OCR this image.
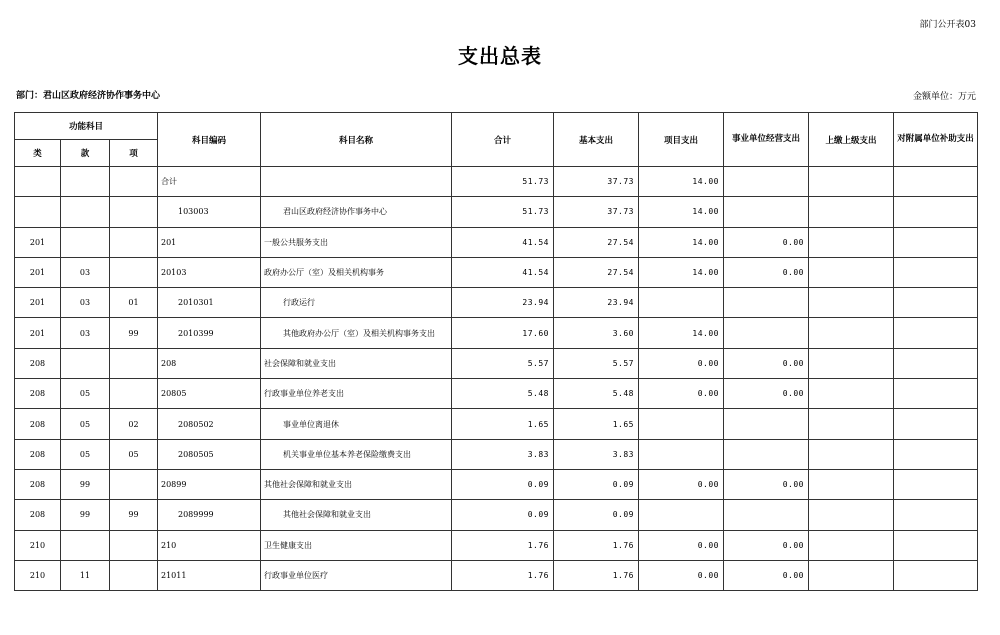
部门公开表03
支出总表
部门：君山区政府经济协作事务中心	金额单位：万元
功能科目			科目编码	科目名称	合计	基本支出	项目支出	事业单位经营支出	上缴上级支出	对附属单位补助支出
类	款	项								
			合计		51.73	37.73	14.00			
			103003	君山区政府经济协作事务中心	51.73	37.73	14.00			
201			201	一般公共服务支出	41.54	27.54	14.00	0.00		
201	03		20103	政府办公厅（室）及相关机构事务	41.54	27.54	14.00	0.00		
201	03	01	2010301	行政运行	23.94	23.94				
201	03	99	2010399	其他政府办公厅（室）及相关机构事务支出	17.60	3.60	14.00			
208			208	社会保障和就业支出	5.57	5.57	0.00	0.00		
208	05		20805	行政事业单位养老支出	5.48	5.48	0.00	0.00		
208	05	02	2080502	事业单位离退休	1.65	1.65				
208	05	05	2080505	机关事业单位基本养老保险缴费支出	3.83	3.83				
208	99		20899	其他社会保障和就业支出	0.09	0.09	0.00	0.00		
208	99	99	2089999	其他社会保障和就业支出	0.09	0.09				
210			210	卫生健康支出	1.76	1.76	0.00	0.00		
210	11		21011	行政事业单位医疗	1.76	1.76	0.00	0.00		
